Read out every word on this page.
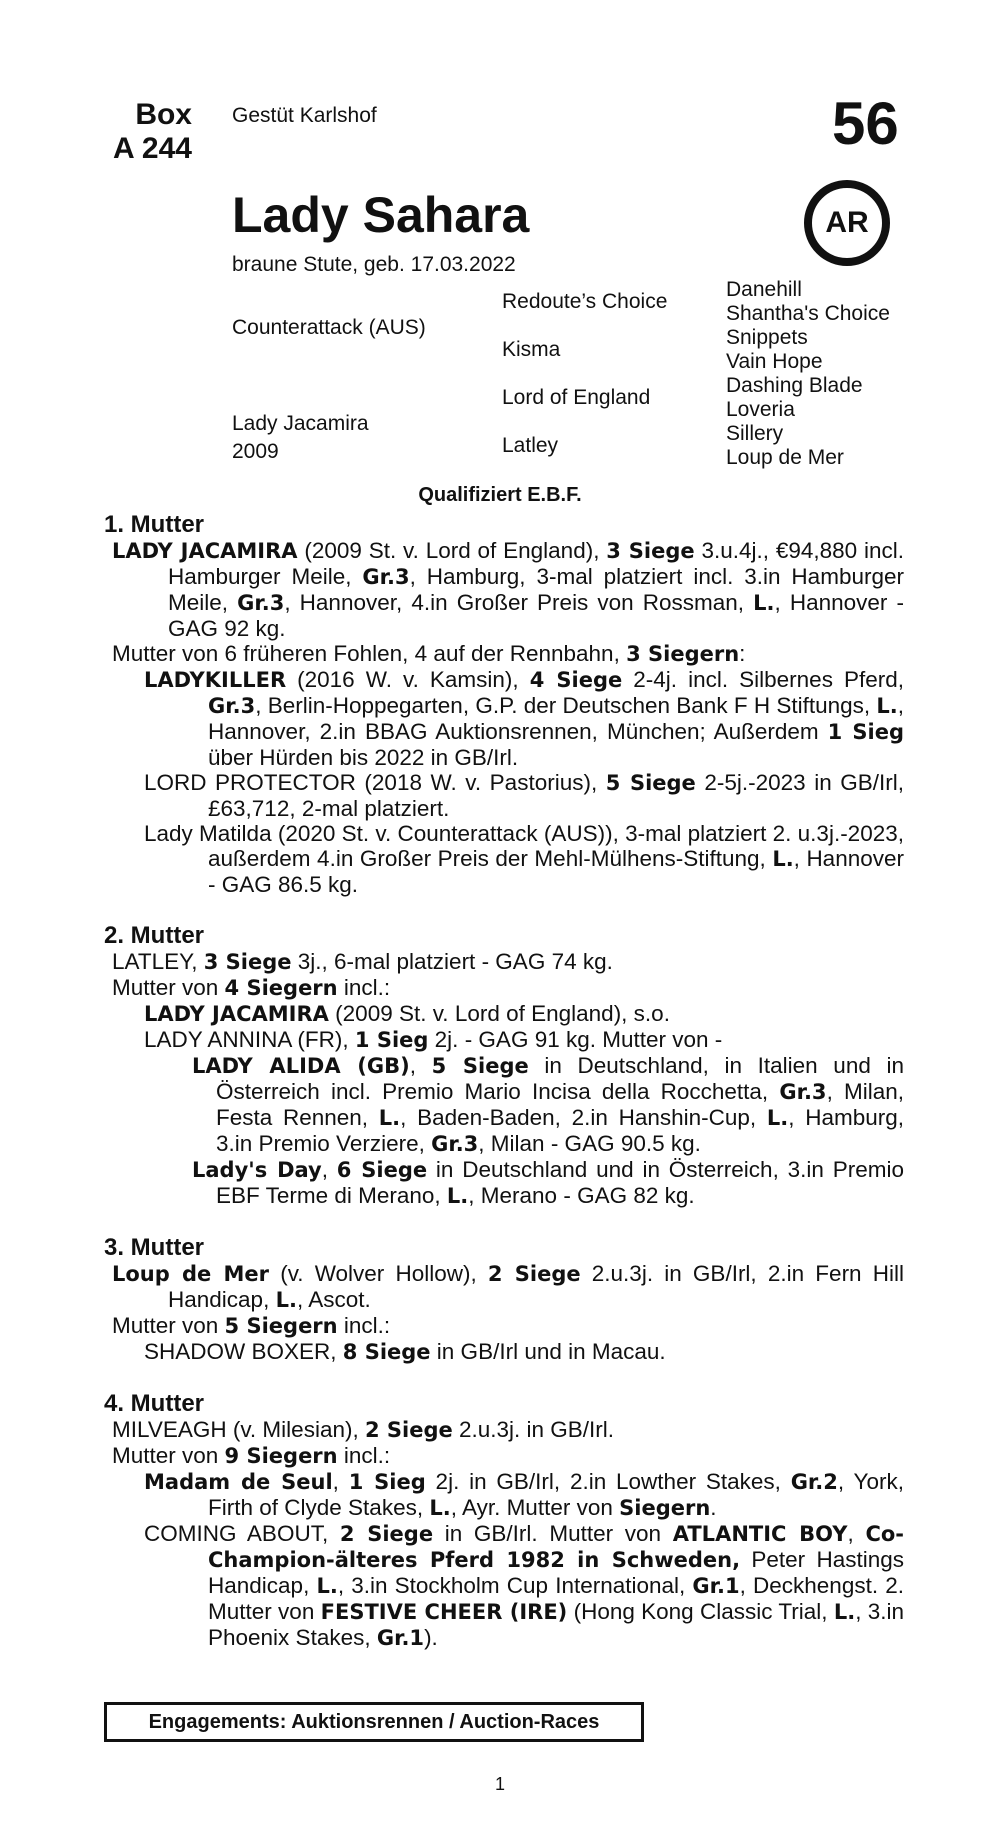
Box
A 244
Gestüt Karlshof	56
AR
Lady Sahara
braune Stute, geb. 17.03.2022
Counterattack (AUS)
Lady Jacamira
2009
Redoute’s Choice
Kisma
Lord of England
Latley
Danehill
Shantha's Choice
Snippets
Vain Hope
Dashing Blade
Loveria
Sillery
Loup de Mer
Qualifiziert E.B.F.
1. Mutter
LADY JACAMIRA (2009 St. v. Lord of England), 3 Siege 3.u.4j., €94,880 incl. Hamburger Meile, Gr.3, Hamburg, 3-mal platziert incl. 3.in Hamburger Meile, Gr.3, Hannover, 4.in Großer Preis von Rossman, L., Hannover - GAG 92 kg.
Mutter von 6 früheren Fohlen, 4 auf der Rennbahn, 3 Siegern:
LADYKILLER (2016 W. v. Kamsin), 4 Siege 2-4j. incl. Silbernes Pferd, Gr.3, Berlin-Hoppegarten, G.P. der Deutschen Bank F H Stiftungs, L., Hannover, 2.in BBAG Auktionsrennen, München; Außerdem 1 Sieg über Hürden bis 2022 in GB/Irl.
LORD PROTECTOR (2018 W. v. Pastorius), 5 Siege 2-5j.-2023 in GB/Irl, £63,712, 2-mal platziert.
Lady Matilda (2020 St. v. Counterattack (AUS)), 3-mal platziert 2. u.3j.-2023, außerdem 4.in Großer Preis der Mehl-Mülhens-Stiftung, L., Hannover - GAG 86.5 kg.
2. Mutter
LATLEY, 3 Siege 3j., 6-mal platziert - GAG 74 kg.
Mutter von 4 Siegern incl.:
LADY JACAMIRA (2009 St. v. Lord of England), s.o.
LADY ANNINA (FR), 1 Sieg 2j. - GAG 91 kg. Mutter von -
LADY ALIDA (GB), 5 Siege in Deutschland, in Italien und in Österreich incl. Premio Mario Incisa della Rocchetta, Gr.3, Milan, Festa Rennen, L., Baden-Baden, 2.in Hanshin-Cup, L., Hamburg, 3.in Premio Verziere, Gr.3, Milan - GAG 90.5 kg.
Lady's Day, 6 Siege in Deutschland und in Österreich, 3.in Premio EBF Terme di Merano, L., Merano - GAG 82 kg.
3. Mutter
Loup de Mer (v. Wolver Hollow), 2 Siege 2.u.3j. in GB/Irl, 2.in Fern Hill Handicap, L., Ascot.
Mutter von 5 Siegern incl.:
SHADOW BOXER, 8 Siege in GB/Irl und in Macau.
4. Mutter
MILVEAGH (v. Milesian), 2 Siege 2.u.3j. in GB/Irl.
Mutter von 9 Siegern incl.:
Madam de Seul, 1 Sieg 2j. in GB/Irl, 2.in Lowther Stakes, Gr.2, York, Firth of Clyde Stakes, L., Ayr. Mutter von Siegern.
COMING ABOUT, 2 Siege in GB/Irl. Mutter von ATLANTIC BOY, Co-Champion-älteres Pferd 1982 in Schweden, Peter Hastings Handicap, L., 3.in Stockholm Cup International, Gr.1, Deckhengst. 2. Mutter von FESTIVE CHEER (IRE) (Hong Kong Classic Trial, L., 3.in Phoenix Stakes, Gr.1).
Engagements: Auktionsrennen / Auction-Races
1
